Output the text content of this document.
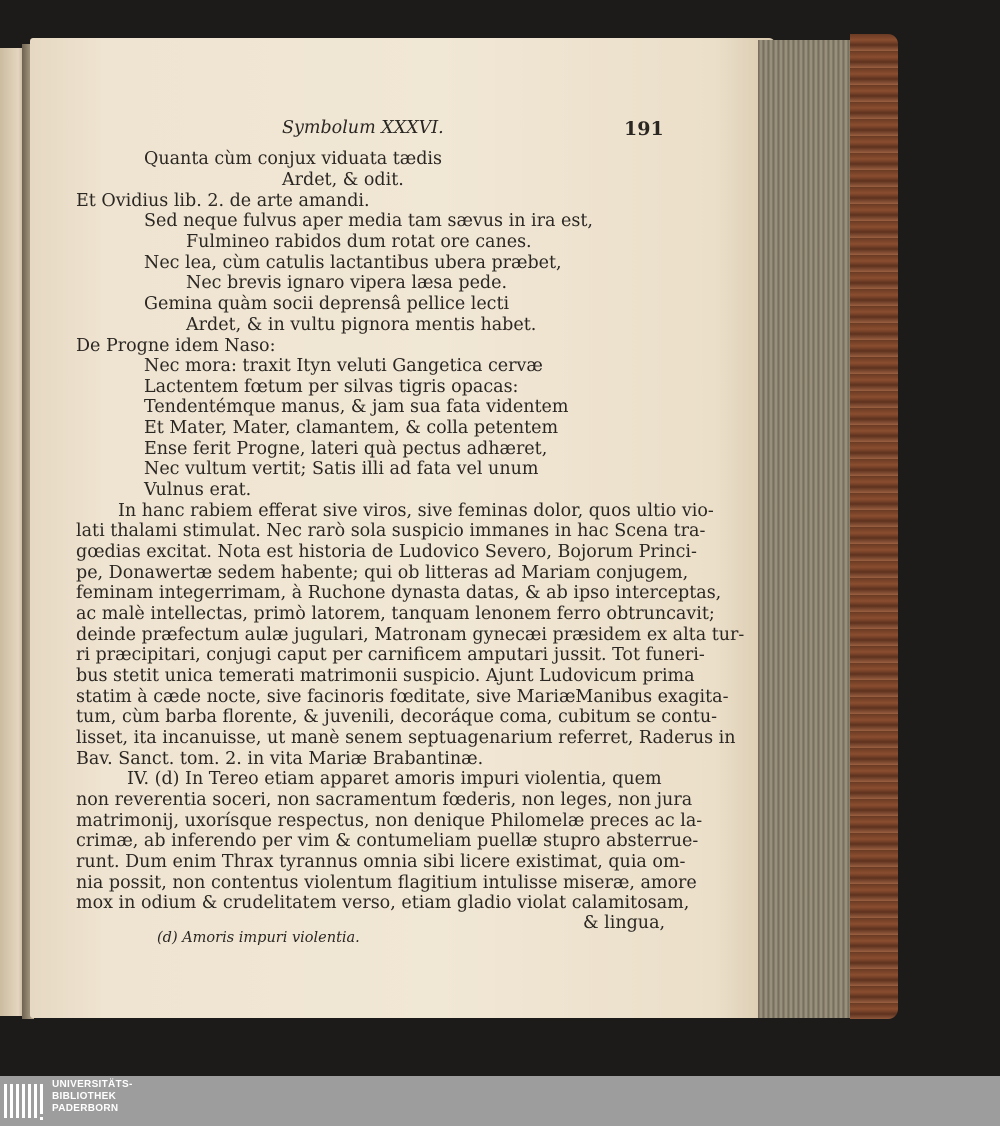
Symbolum XXXVI.	191
Quanta cùm conjux viduata tædis
Ardet, & odit.
Et Ovidius lib. 2. de arte amandi.
Sed neque fulvus aper media tam sævus in ira est,
Fulmineo rabidos dum rotat ore canes.
Nec lea, cùm catulis lactantibus ubera præbet,
Nec brevis ignaro vipera læsa pede.
Gemina quàm socii deprensâ pellice lecti
Ardet, & in vultu pignora mentis habet.
De Progne idem Naso:
Nec mora: traxit Ityn veluti Gangetica cervæ
Lactentem fœtum per silvas tigris opacas:
Tendentémque manus, & jam sua fata videntem
Et Mater, Mater, clamantem, & colla petentem
Ense ferit Progne, lateri quà pectus adhæret,
Nec vultum vertit; Satis illi ad fata vel unum
Vulnus erat.
In hanc rabiem efferat sive viros, sive feminas dolor, quos ultio vio-
lati thalami stimulat. Nec rarò sola suspicio immanes in hac Scena tra-
gœdias excitat. Nota est historia de Ludovico Severo, Bojorum Princi-
pe, Donawertæ sedem habente; qui ob litteras ad Mariam conjugem,
feminam integerrimam, à Ruchone dynasta datas, & ab ipso interceptas,
ac malè intellectas, primò latorem, tanquam lenonem ferro obtruncavit;
deinde præfectum aulæ jugulari, Matronam gynecæi præsidem ex alta tur-
ri præcipitari, conjugi caput per carnificem amputari jussit. Tot funeri-
bus stetit unica temerati matrimonii suspicio. Ajunt Ludovicum prima
statim à cæde nocte, sive facinoris fœditate, sive MariæManibus exagita-
tum, cùm barba florente, & juvenili, decoráque coma, cubitum se contu-
lisset, ita incanuisse, ut manè senem septuagenarium referret, Raderus in
Bav. Sanct. tom. 2. in vita Mariæ Brabantinæ.
IV. (d) In Tereo etiam apparet amoris impuri violentia, quem
non reverentia soceri, non sacramentum fœderis, non leges, non jura
matrimonij, uxorísque respectus, non denique Philomelæ preces ac la-
crimæ, ab inferendo per vim & contumeliam puellæ stupro absterrue-
runt. Dum enim Thrax tyrannus omnia sibi licere existimat, quia om-
nia possit, non contentus violentum flagitium intulisse miseræ, amore
mox in odium & crudelitatem verso, etiam gladio violat calamitosam,
& lingua,
(d) Amoris impuri violentia.
UNIVERSITÄTS-
BIBLIOTHEK
PADERBORN
